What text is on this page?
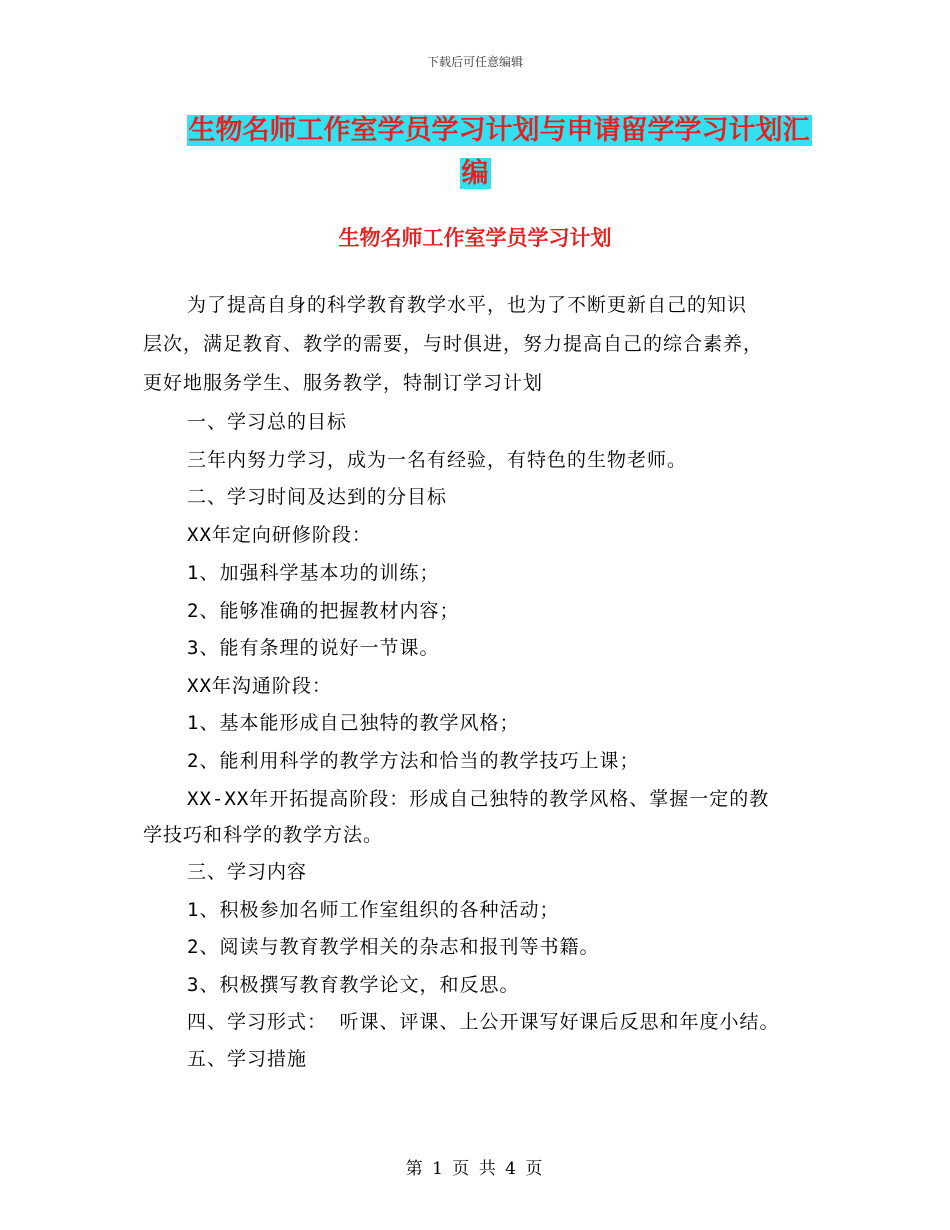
下载后可任意编辑
生物名师工作室学员学习计划与申请留学学习计划汇
编
生物名师工作室学员学习计划
为了提高自身的科学教育教学水平，也为了不断更新自己的知识
层次，满足教育、教学的需要，与时俱进，努力提高自己的综合素养，
更好地服务学生、服务教学，特制订学习计划
一、学习总的目标
三年内努力学习，成为一名有经验，有特色的生物老师。
二、学习时间及达到的分目标
XX年定向研修阶段：
1、加强科学基本功的训练；
2、能够准确的把握教材内容；
3、能有条理的说好一节课。
XX年沟通阶段：
1、基本能形成自己独特的教学风格；
2、能利用科学的教学方法和恰当的教学技巧上课；
XX-XX年开拓提高阶段：形成自己独特的教学风格、掌握一定的教
学技巧和科学的教学方法。
三、学习内容
1、积极参加名师工作室组织的各种活动；
2、阅读与教育教学相关的杂志和报刊等书籍。
3、积极撰写教育教学论文，和反思。
四、学习形式： 听课、评课、上公开课写好课后反思和年度小结。
五、学习措施
第 1 页 共 4 页
